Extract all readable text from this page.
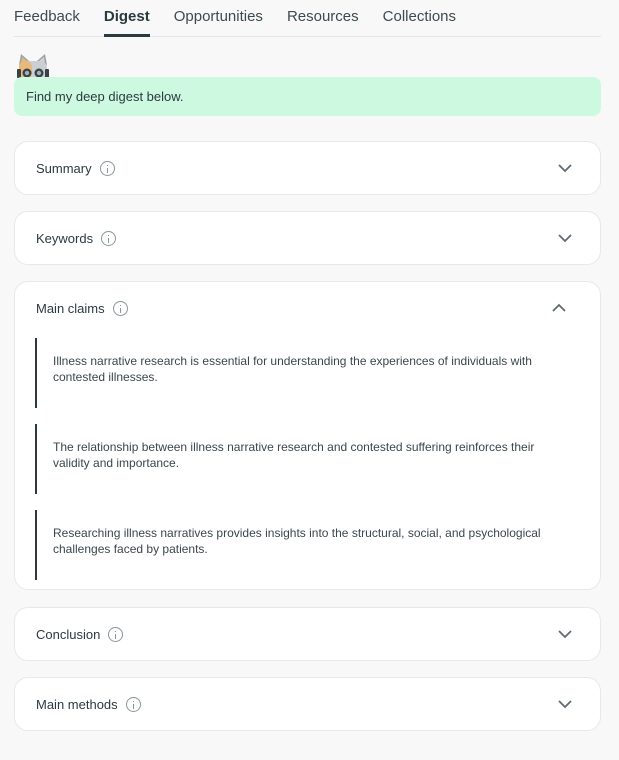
Feedback Digest Opportunities Resources Collections
Find my deep digest below.
Summary
Keywords
Main claims
Illness narrative research is essential for understanding the experiences of individuals with contested illnesses.
The relationship between illness narrative research and contested suffering reinforces their validity and importance.
Researching illness narratives provides insights into the structural, social, and psychological challenges faced by patients.
Conclusion
Main methods
